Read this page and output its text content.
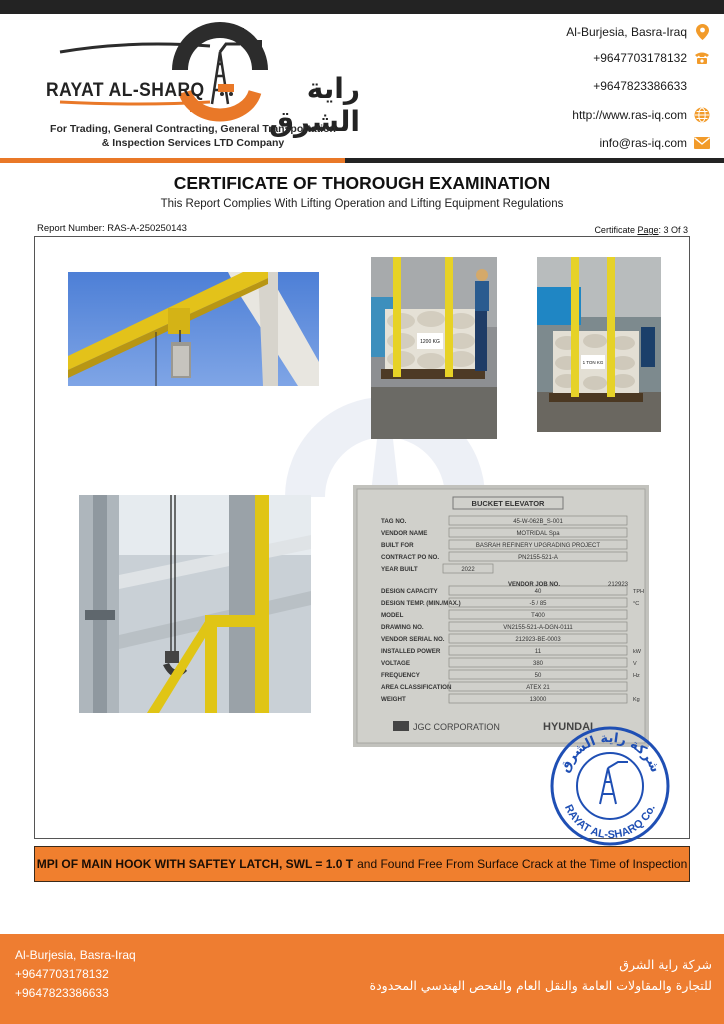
RAYAT AL-SHARQ	راية الشرق
For Trading, General Contracting, General Transportation
& Inspection Services LTD Company
Al-Burjesia, Basra-Iraq
+9647703178132
+9647823386633
http://www.ras-iq.com
info@ras-iq.com
CERTIFICATE OF THOROUGH EXAMINATION
This Report Complies With Lifting Operation and Lifting Equipment Regulations
Report Number: RAS-A-250250143	Certificate Page: 3 Of 3
1200 KG
1 TON KG
BUCKET ELEVATOR
TAG NO.	45-W-062B_S-001
VENDOR NAME	MOTRIDAL Spa
BUILT FOR	BASRAH REFINERY UPGRADING PROJECT
CONTRACT PO NO.	PN2155-521-A
YEAR BUILT	2022
DESIGN CAPACITY	40	TPH
DESIGN TEMP. (MIN./MAX.)	-5 / 85	°C
MODEL	T400
DRAWING NO.	VN2155-521-A-DGN-0111
VENDOR SERIAL NO.	212923-BE-0003
INSTALLED POWER	11	kW
VOLTAGE	380	V
FREQUENCY	50	Hz
AREA CLASSIFICATION	ATEX 21
WEIGHT	13000	Kg
JGC CORPORATION	HYUNDAI
VENDOR JOB NO.	212923
شركة راية الشرق
RAYAT AL-SHARQ Co.
MPI OF MAIN HOOK WITH SAFTEY LATCH, SWL = 1.0 T and Found Free From Surface Crack at the Time of Inspection
Al-Burjesia, Basra-Iraq
+9647703178132
+9647823386633
شركة راية الشرق
للتجارة والمقاولات العامة والنقل العام والفحص الهندسي المحدودة
